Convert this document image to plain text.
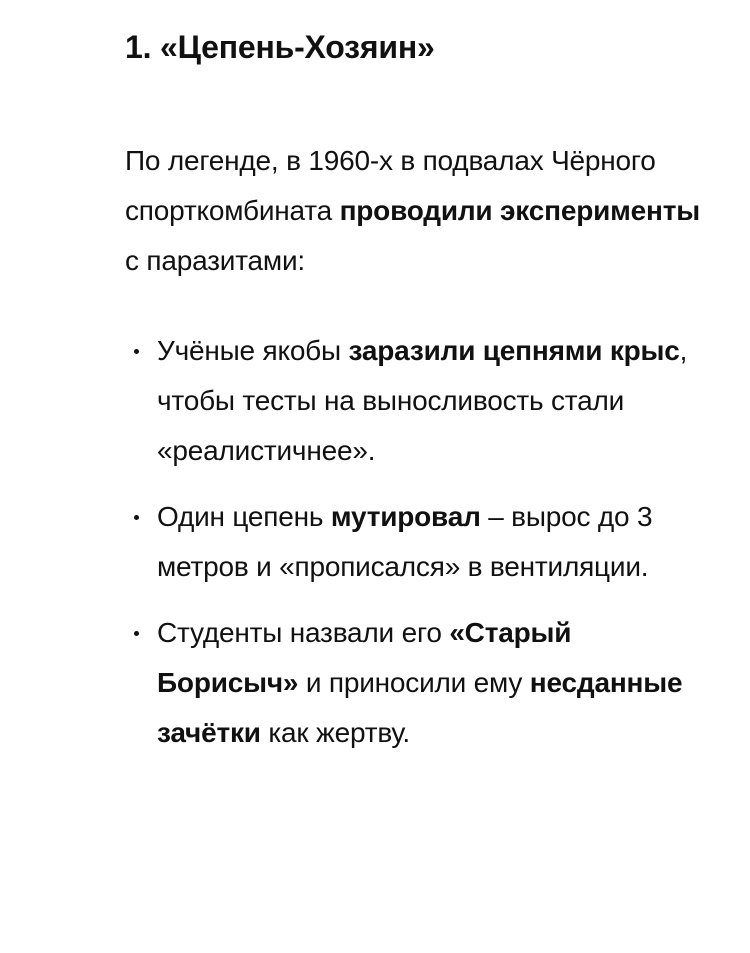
1. «Цепень-Хозяин»

По легенде, в 1960-х в подвалах Чёрного спорткомбината проводили эксперименты с паразитами:

Учёные якобы заразили цепнями крыс, чтобы тесты на выносливость стали «реалистичнее».
Один цепень мутировал – вырос до 3 метров и «прописался» в вентиляции.
Студенты назвали его «Старый Борисыч» и приносили ему несданные зачётки как жертву.
